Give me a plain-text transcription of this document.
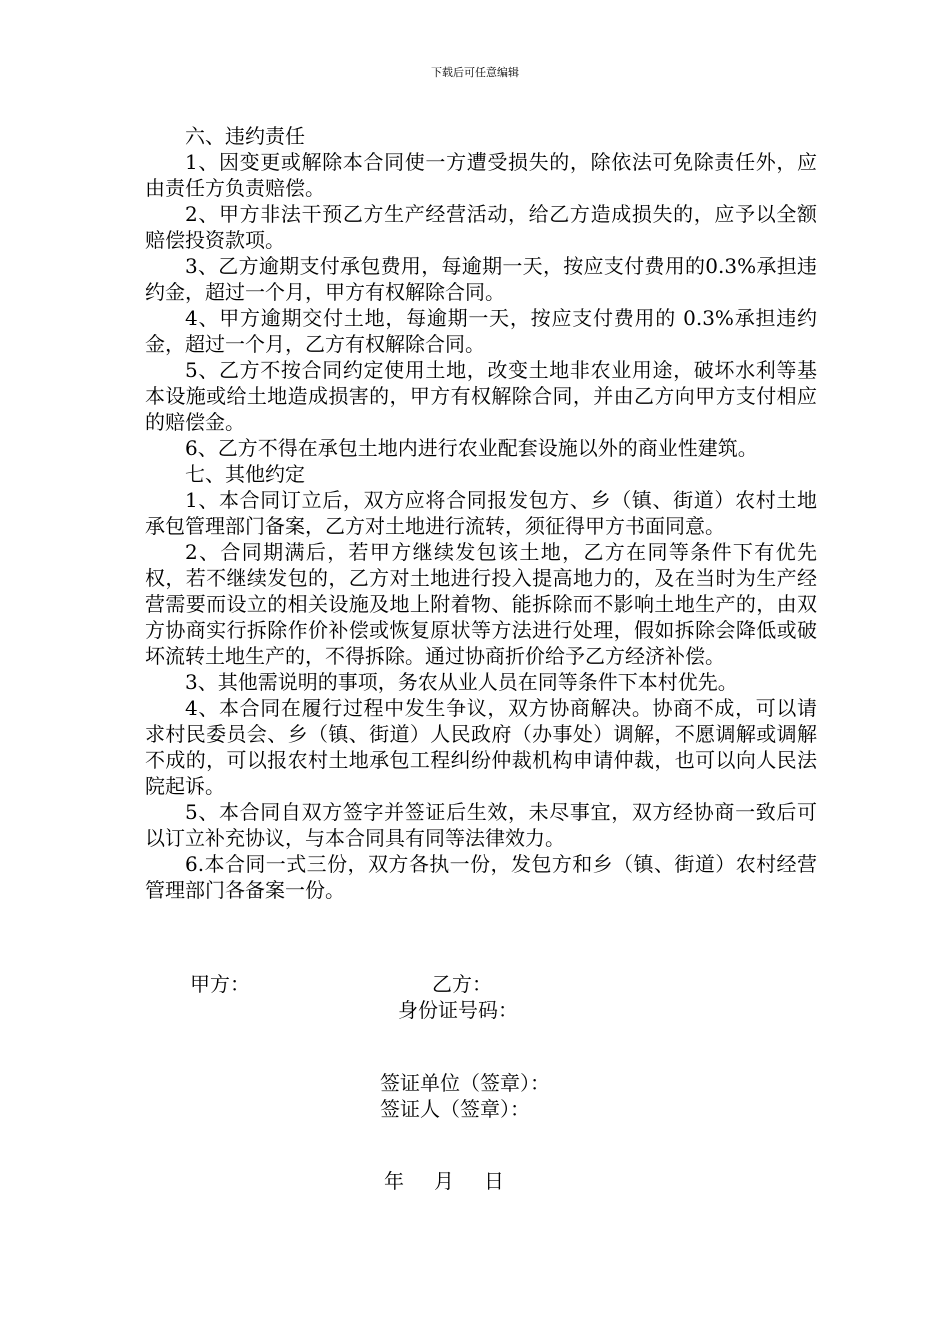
下载后可任意编辑

六、违约责任

1、因变更或解除本合同使一方遭受损失的，除依法可免除责任外，应由责任方负责赔偿。

2、甲方非法干预乙方生产经营活动，给乙方造成损失的，应予以全额赔偿投资款项。

3、乙方逾期支付承包费用，每逾期一天，按应支付费用的0.3%承担违约金，超过一个月，甲方有权解除合同。

4、甲方逾期交付土地，每逾期一天，按应支付费用的 0.3%承担违约金，超过一个月，乙方有权解除合同。

5、乙方不按合同约定使用土地，改变土地非农业用途，破坏水利等基本设施或给土地造成损害的，甲方有权解除合同，并由乙方向甲方支付相应的赔偿金。

6、乙方不得在承包土地内进行农业配套设施以外的商业性建筑。

七、其他约定

1、本合同订立后，双方应将合同报发包方、乡（镇、街道）农村土地承包管理部门备案，乙方对土地进行流转，须征得甲方书面同意。

2、合同期满后，若甲方继续发包该土地，乙方在同等条件下有优先权，若不继续发包的，乙方对土地进行投入提高地力的，及在当时为生产经营需要而设立的相关设施及地上附着物、能拆除而不影响土地生产的，由双方协商实行拆除作价补偿或恢复原状等方法进行处理，假如拆除会降低或破坏流转土地生产的，不得拆除。通过协商折价给予乙方经济补偿。

3、其他需说明的事项，务农从业人员在同等条件下本村优先。

4、本合同在履行过程中发生争议，双方协商解决。协商不成，可以请求村民委员会、乡（镇、街道）人民政府（办事处）调解，不愿调解或调解不成的，可以报农村土地承包工程纠纷仲裁机构申请仲裁，也可以向人民法院起诉。

5、本合同自双方签字并签证后生效，未尽事宜，双方经协商一致后可以订立补充协议，与本合同具有同等法律效力。

6.本合同一式三份，双方各执一份，发包方和乡（镇、街道）农村经营管理部门各备案一份。

甲方：	乙方：
身份证号码：
签证单位（签章）：
签证人（签章）：
年 月 日
